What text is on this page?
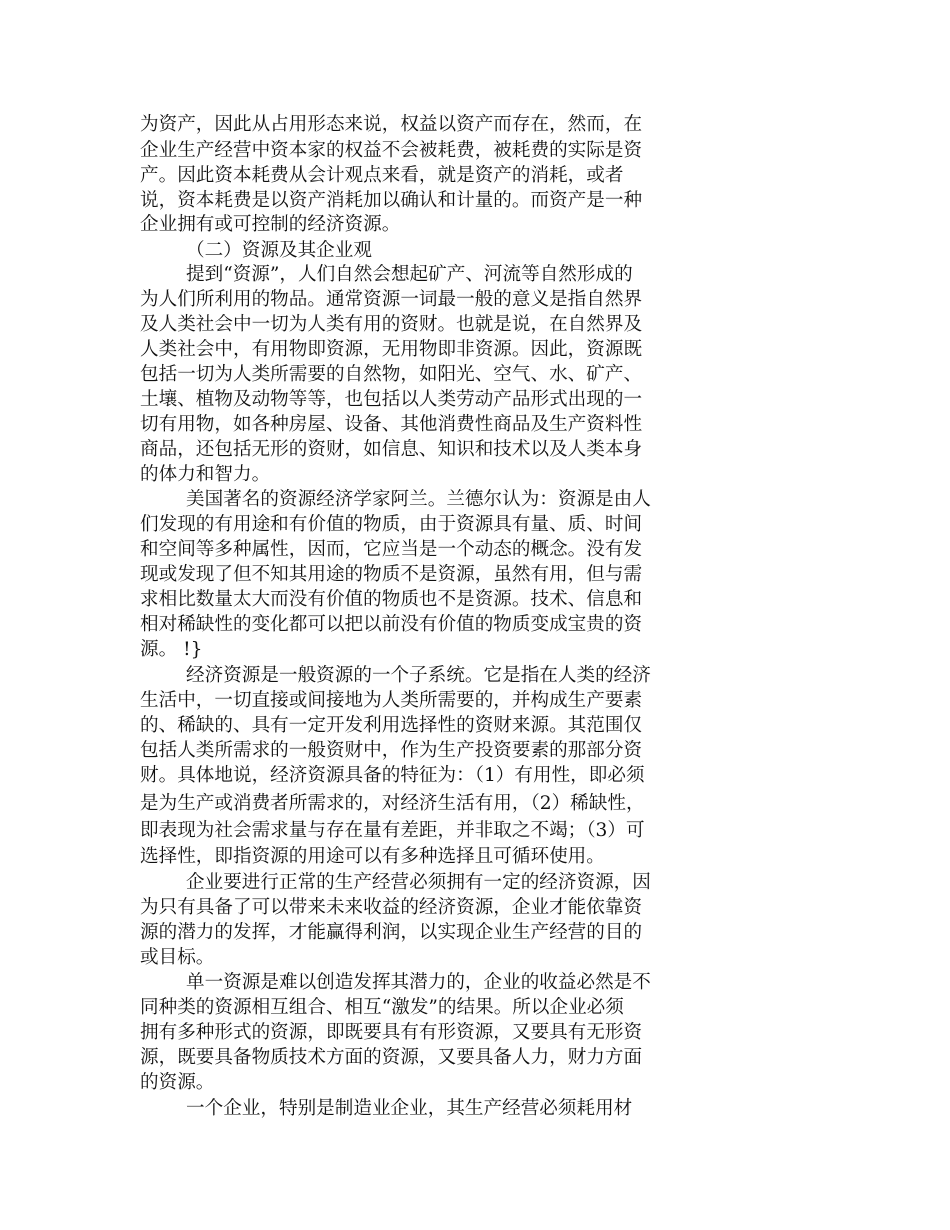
为资产，因此从占用形态来说，权益以资产而存在，然而，在

企业生产经营中资本家的权益不会被耗费，被耗费的实际是资

产。因此资本耗费从会计观点来看，就是资产的消耗，或者

说，资本耗费是以资产消耗加以确认和计量的。而资产是一种

企业拥有或可控制的经济资源。

（二）资源及其企业观

提到“资源”，人们自然会想起矿产、河流等自然形成的

为人们所利用的物品。通常资源一词最一般的意义是指自然界

及人类社会中一切为人类有用的资财。也就是说，在自然界及

人类社会中，有用物即资源，无用物即非资源。因此，资源既

包括一切为人类所需要的自然物，如阳光、空气、水、矿产、

土壤、植物及动物等等，也包括以人类劳动产品形式出现的一

切有用物，如各种房屋、设备、其他消费性商品及生产资料性

商品，还包括无形的资财，如信息、知识和技术以及人类本身

的体力和智力。

美国著名的资源经济学家阿兰。兰德尔认为：资源是由人

们发现的有用途和有价值的物质，由于资源具有量、质、时间

和空间等多种属性，因而，它应当是一个动态的概念。没有发

现或发现了但不知其用途的物质不是资源，虽然有用，但与需

求相比数量太大而没有价值的物质也不是资源。技术、信息和

相对稀缺性的变化都可以把以前没有价值的物质变成宝贵的资

源。 !}

经济资源是一般资源的一个子系统。它是指在人类的经济

生活中，一切直接或间接地为人类所需要的，并构成生产要素

的、稀缺的、具有一定开发利用选择性的资财来源。其范围仅

包括人类所需求的一般资财中，作为生产投资要素的那部分资

财。具体地说，经济资源具备的特征为：（1）有用性，即必须

是为生产或消费者所需求的，对经济生活有用，（2）稀缺性，

即表现为社会需求量与存在量有差距，并非取之不竭；（3）可

选择性，即指资源的用途可以有多种选择且可循环使用。

企业要进行正常的生产经营必须拥有一定的经济资源，因

为只有具备了可以带来未来收益的经济资源，企业才能依靠资

源的潜力的发挥，才能赢得利润，以实现企业生产经营的目的

或目标。

单一资源是难以创造发挥其潜力的，企业的收益必然是不

同种类的资源相互组合、相互“激发”的结果。所以企业必须

拥有多种形式的资源，即既要具有有形资源，又要具有无形资

源，既要具备物质技术方面的资源，又要具备人力，财力方面

的资源。

一个企业，特别是制造业企业，其生产经营必须耗用材
